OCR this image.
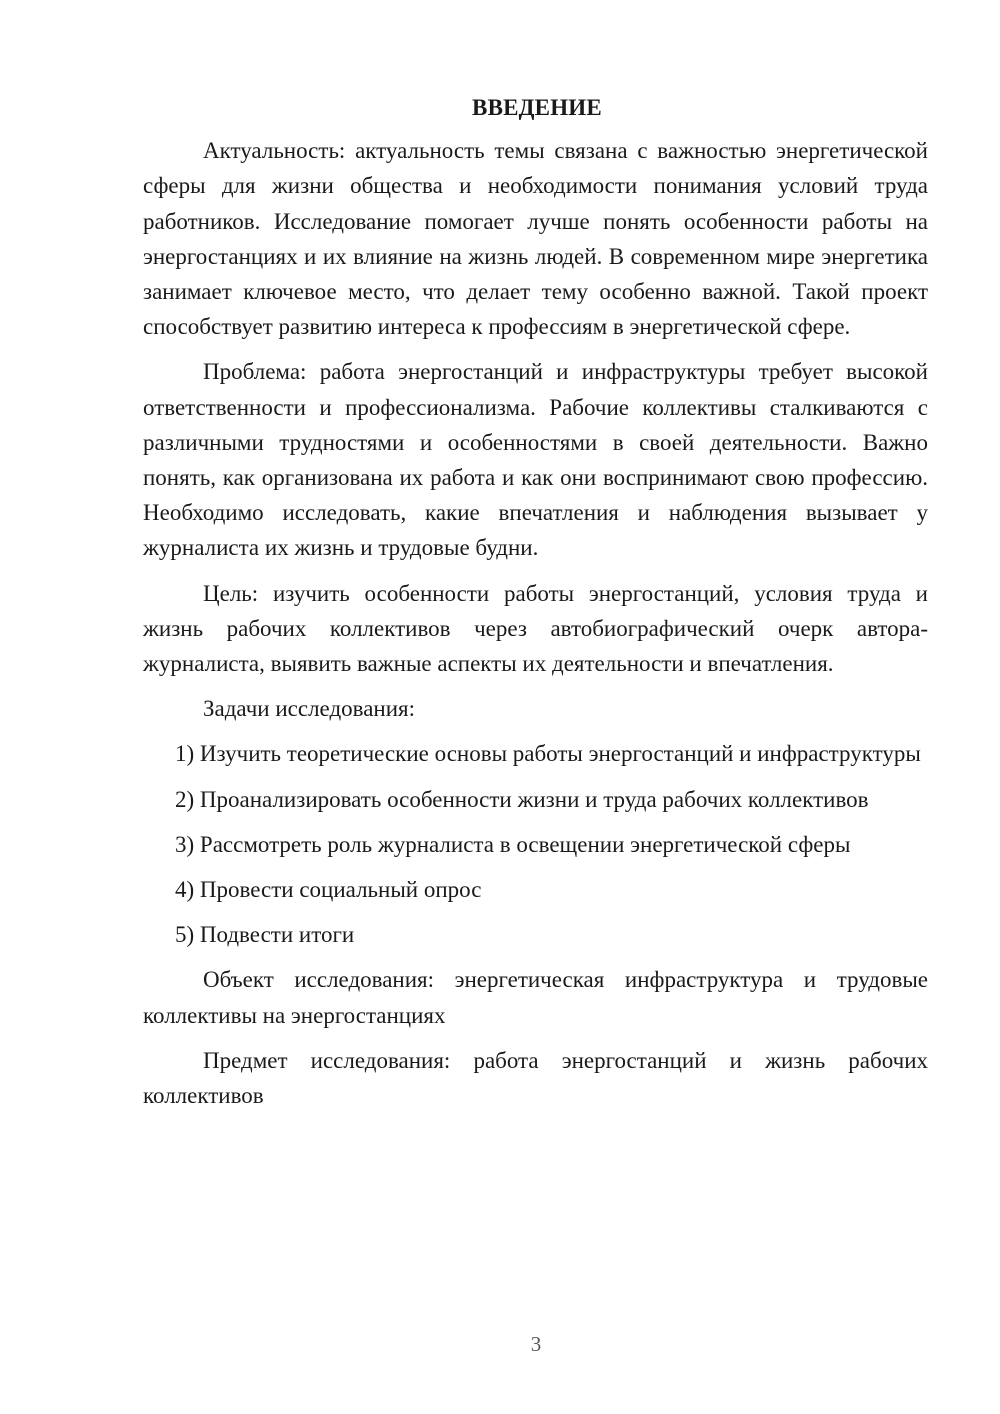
ВВЕДЕНИЕ

Актуальность: актуальность темы связана с важностью энергетической сферы для жизни общества и необходимости понимания условий труда работников. Исследование помогает лучше понять особенности работы на энергостанциях и их влияние на жизнь людей. В современном мире энергетика занимает ключевое место, что делает тему особенно важной. Такой проект способствует развитию интереса к профессиям в энергетической сфере.

Проблема: работа энергостанций и инфраструктуры требует высокой ответственности и профессионализма. Рабочие коллективы сталкиваются с различными трудностями и особенностями в своей деятельности. Важно понять, как организована их работа и как они воспринимают свою профессию. Необходимо исследовать, какие впечатления и наблюдения вызывает у журналиста их жизнь и трудовые будни.

Цель: изучить особенности работы энергостанций, условия труда и жизнь рабочих коллективов через автобиографический очерк автора-журналиста, выявить важные аспекты их деятельности и впечатления.

Задачи исследования:

1) Изучить теоретические основы работы энергостанций и инфраструктуры

2) Проанализировать особенности жизни и труда рабочих коллективов

3) Рассмотреть роль журналиста в освещении энергетической сферы

4) Провести социальный опрос

5) Подвести итоги

Объект исследования: энергетическая инфраструктура и трудовые коллективы на энергостанциях

Предмет исследования: работа энергостанций и жизнь рабочих коллективов

3
